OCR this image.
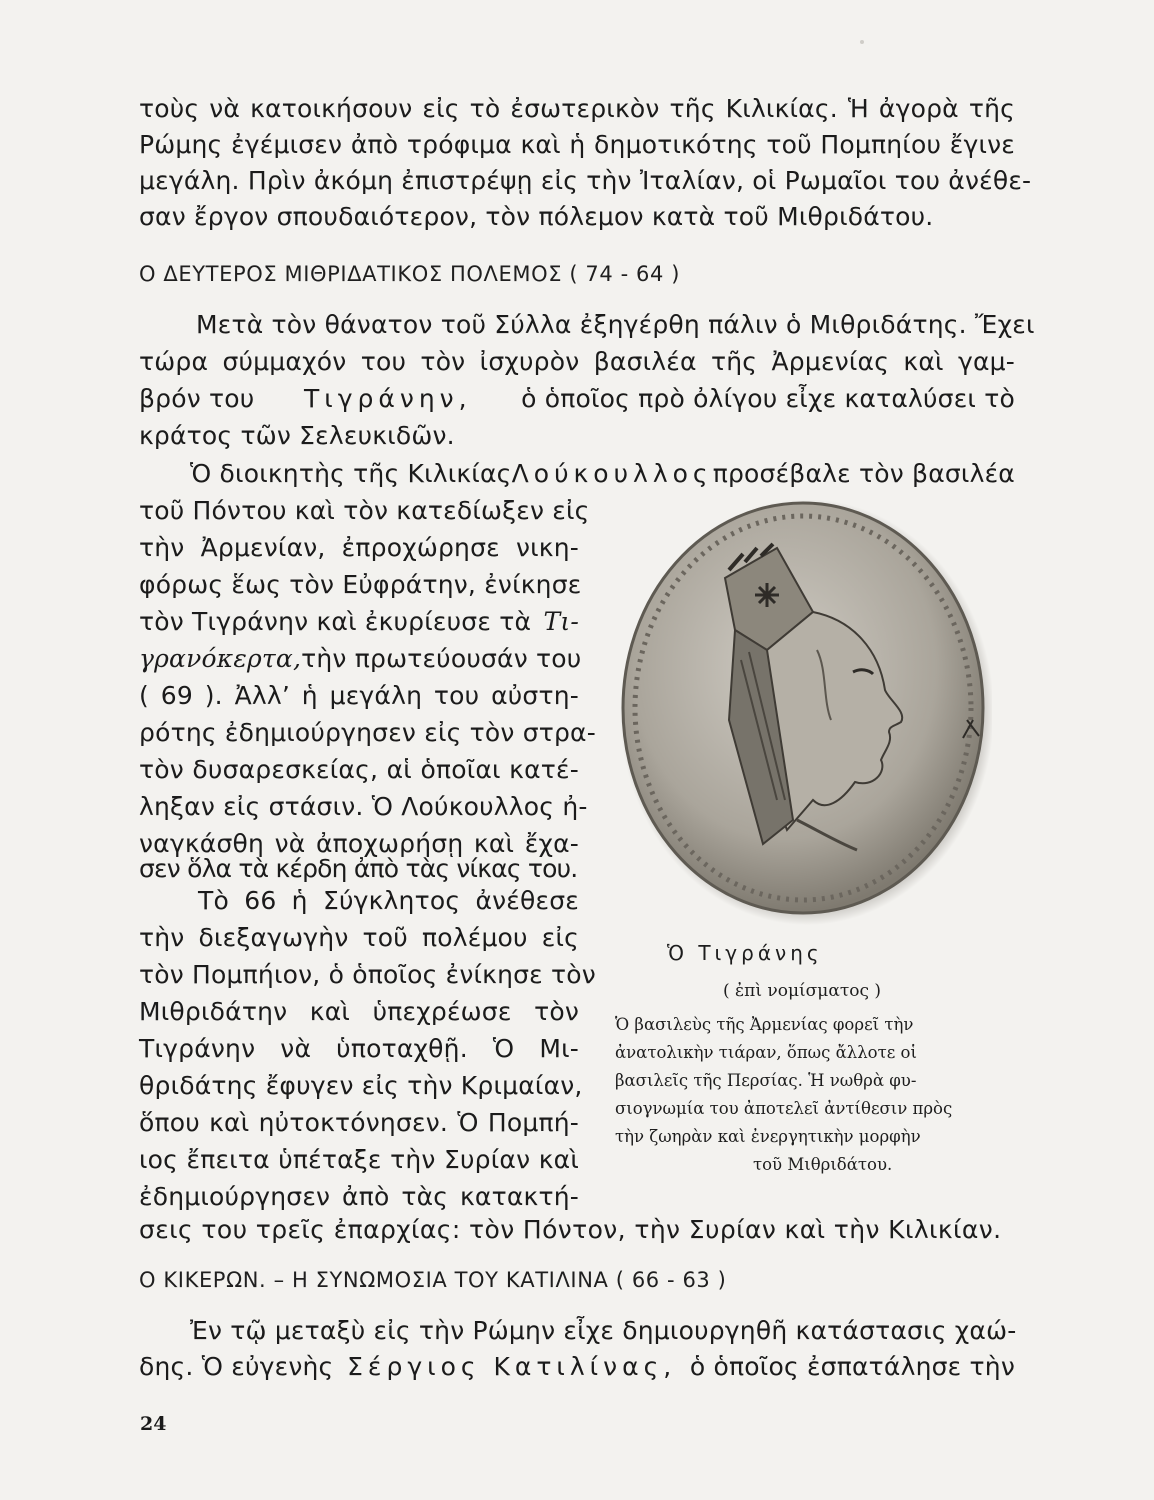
τοὺς νὰ κατοικήσουν εἰς τὸ ἐσωτερικὸν τῆς Κιλικίας. Ἡ ἀγορὰ τῆς
Ρώμης ἐγέμισεν ἀπὸ τρόφιμα καὶ ἡ δημοτικότης τοῦ Πομπηίου ἔγινε
μεγάλη. Πρὶν ἀκόμη ἐπιστρέψῃ εἰς τὴν Ἰταλίαν, οἱ Ρωμαῖοι του ἀνέθε-
σαν ἔργον σπουδαιότερον, τὸν πόλεμον κατὰ τοῦ Μιθριδάτου.
Ο ΔΕΥΤΕΡΟΣ ΜΙΘΡΙΔΑΤΙΚΟΣ ΠΟΛΕΜΟΣ ( 74 - 64 )
Μετὰ τὸν θάνατον τοῦ Σύλλα ἐξηγέρθη πάλιν ὁ Μιθριδάτης. Ἔχει
τώρα σύμμαχόν του τὸν ἰσχυρὸν βασιλέα τῆς Ἀρμενίας καὶ γαμ-
βρόν του Τιγράνην, ὁ ὁποῖος πρὸ ὀλίγου εἶχε καταλύσει τὸ
κράτος τῶν Σελευκιδῶν.
Ὁ διοικητὴς τῆς Κιλικίας Λούκουλλος προσέβαλε τὸν βασιλέα
τοῦ Πόντου καὶ τὸν κατεδίωξεν εἰς
τὴν Ἀρμενίαν, ἐπροχώρησε νικη-
φόρως ἕως τὸν Εὐφράτην, ἐνίκησε
τὸν Τιγράνην καὶ ἐκυρίευσε τὰ Τι-
γρανόκερτα, τὴν πρωτεύουσάν του
( 69 ). Ἀλλ’ ἡ μεγάλη του αὐστη-
ρότης ἐδημιούργησεν εἰς τὸν στρα-
τὸν δυσαρεσκείας, αἱ ὁποῖαι κατέ-
ληξαν εἰς στάσιν. Ὁ Λούκουλλος ἠ-
ναγκάσθη νὰ ἀποχωρήσῃ καὶ ἔχα-
σεν ὅλα τὰ κέρδη ἀπὸ τὰς νίκας του.
Τὸ 66 ἡ Σύγκλητος ἀνέθεσε
τὴν διεξαγωγὴν τοῦ πολέμου εἰς
τὸν Πομπήιον, ὁ ὁποῖος ἐνίκησε τὸν
Μιθριδάτην καὶ ὑπεχρέωσε τὸν
Τιγράνην νὰ ὑποταχθῇ. Ὁ Μι-
θριδάτης ἔφυγεν εἰς τὴν Κριμαίαν,
ὅπου καὶ ηὐτοκτόνησεν. Ὁ Πομπή-
ιος ἔπειτα ὑπέταξε τὴν Συρίαν καὶ
ἐδημιούργησεν ἀπὸ τὰς κατακτή-
σεις του τρεῖς ἐπαρχίας: τὸν Πόντον, τὴν Συρίαν καὶ τὴν Κιλικίαν.
Ὁ Τιγράνης
( ἐπὶ νομίσματος )
Ὁ βασιλεὺς τῆς Ἀρμενίας φορεῖ τὴν
ἀνατολικὴν τιάραν, ὅπως ἄλλοτε οἱ
βασιλεῖς τῆς Περσίας. Ἡ νωθρὰ φυ-
σιογνωμία του ἀποτελεῖ ἀντίθεσιν πρὸς
τὴν ζωηρὰν καὶ ἐνεργητικὴν μορφὴν
τοῦ Μιθριδάτου.
Ο ΚΙΚΕΡΩΝ. – Η ΣΥΝΩΜΟΣΙΑ ΤΟΥ ΚΑΤΙΛΙΝΑ ( 66 - 63 )
Ἐν τῷ μεταξὺ εἰς τὴν Ρώμην εἶχε δημιουργηθῆ κατάστασις χαώ-
δης. Ὁ εὐγενὴς Σέργιος Κατιλίνας, ὁ ὁποῖος ἐσπατάλησε τὴν
24
